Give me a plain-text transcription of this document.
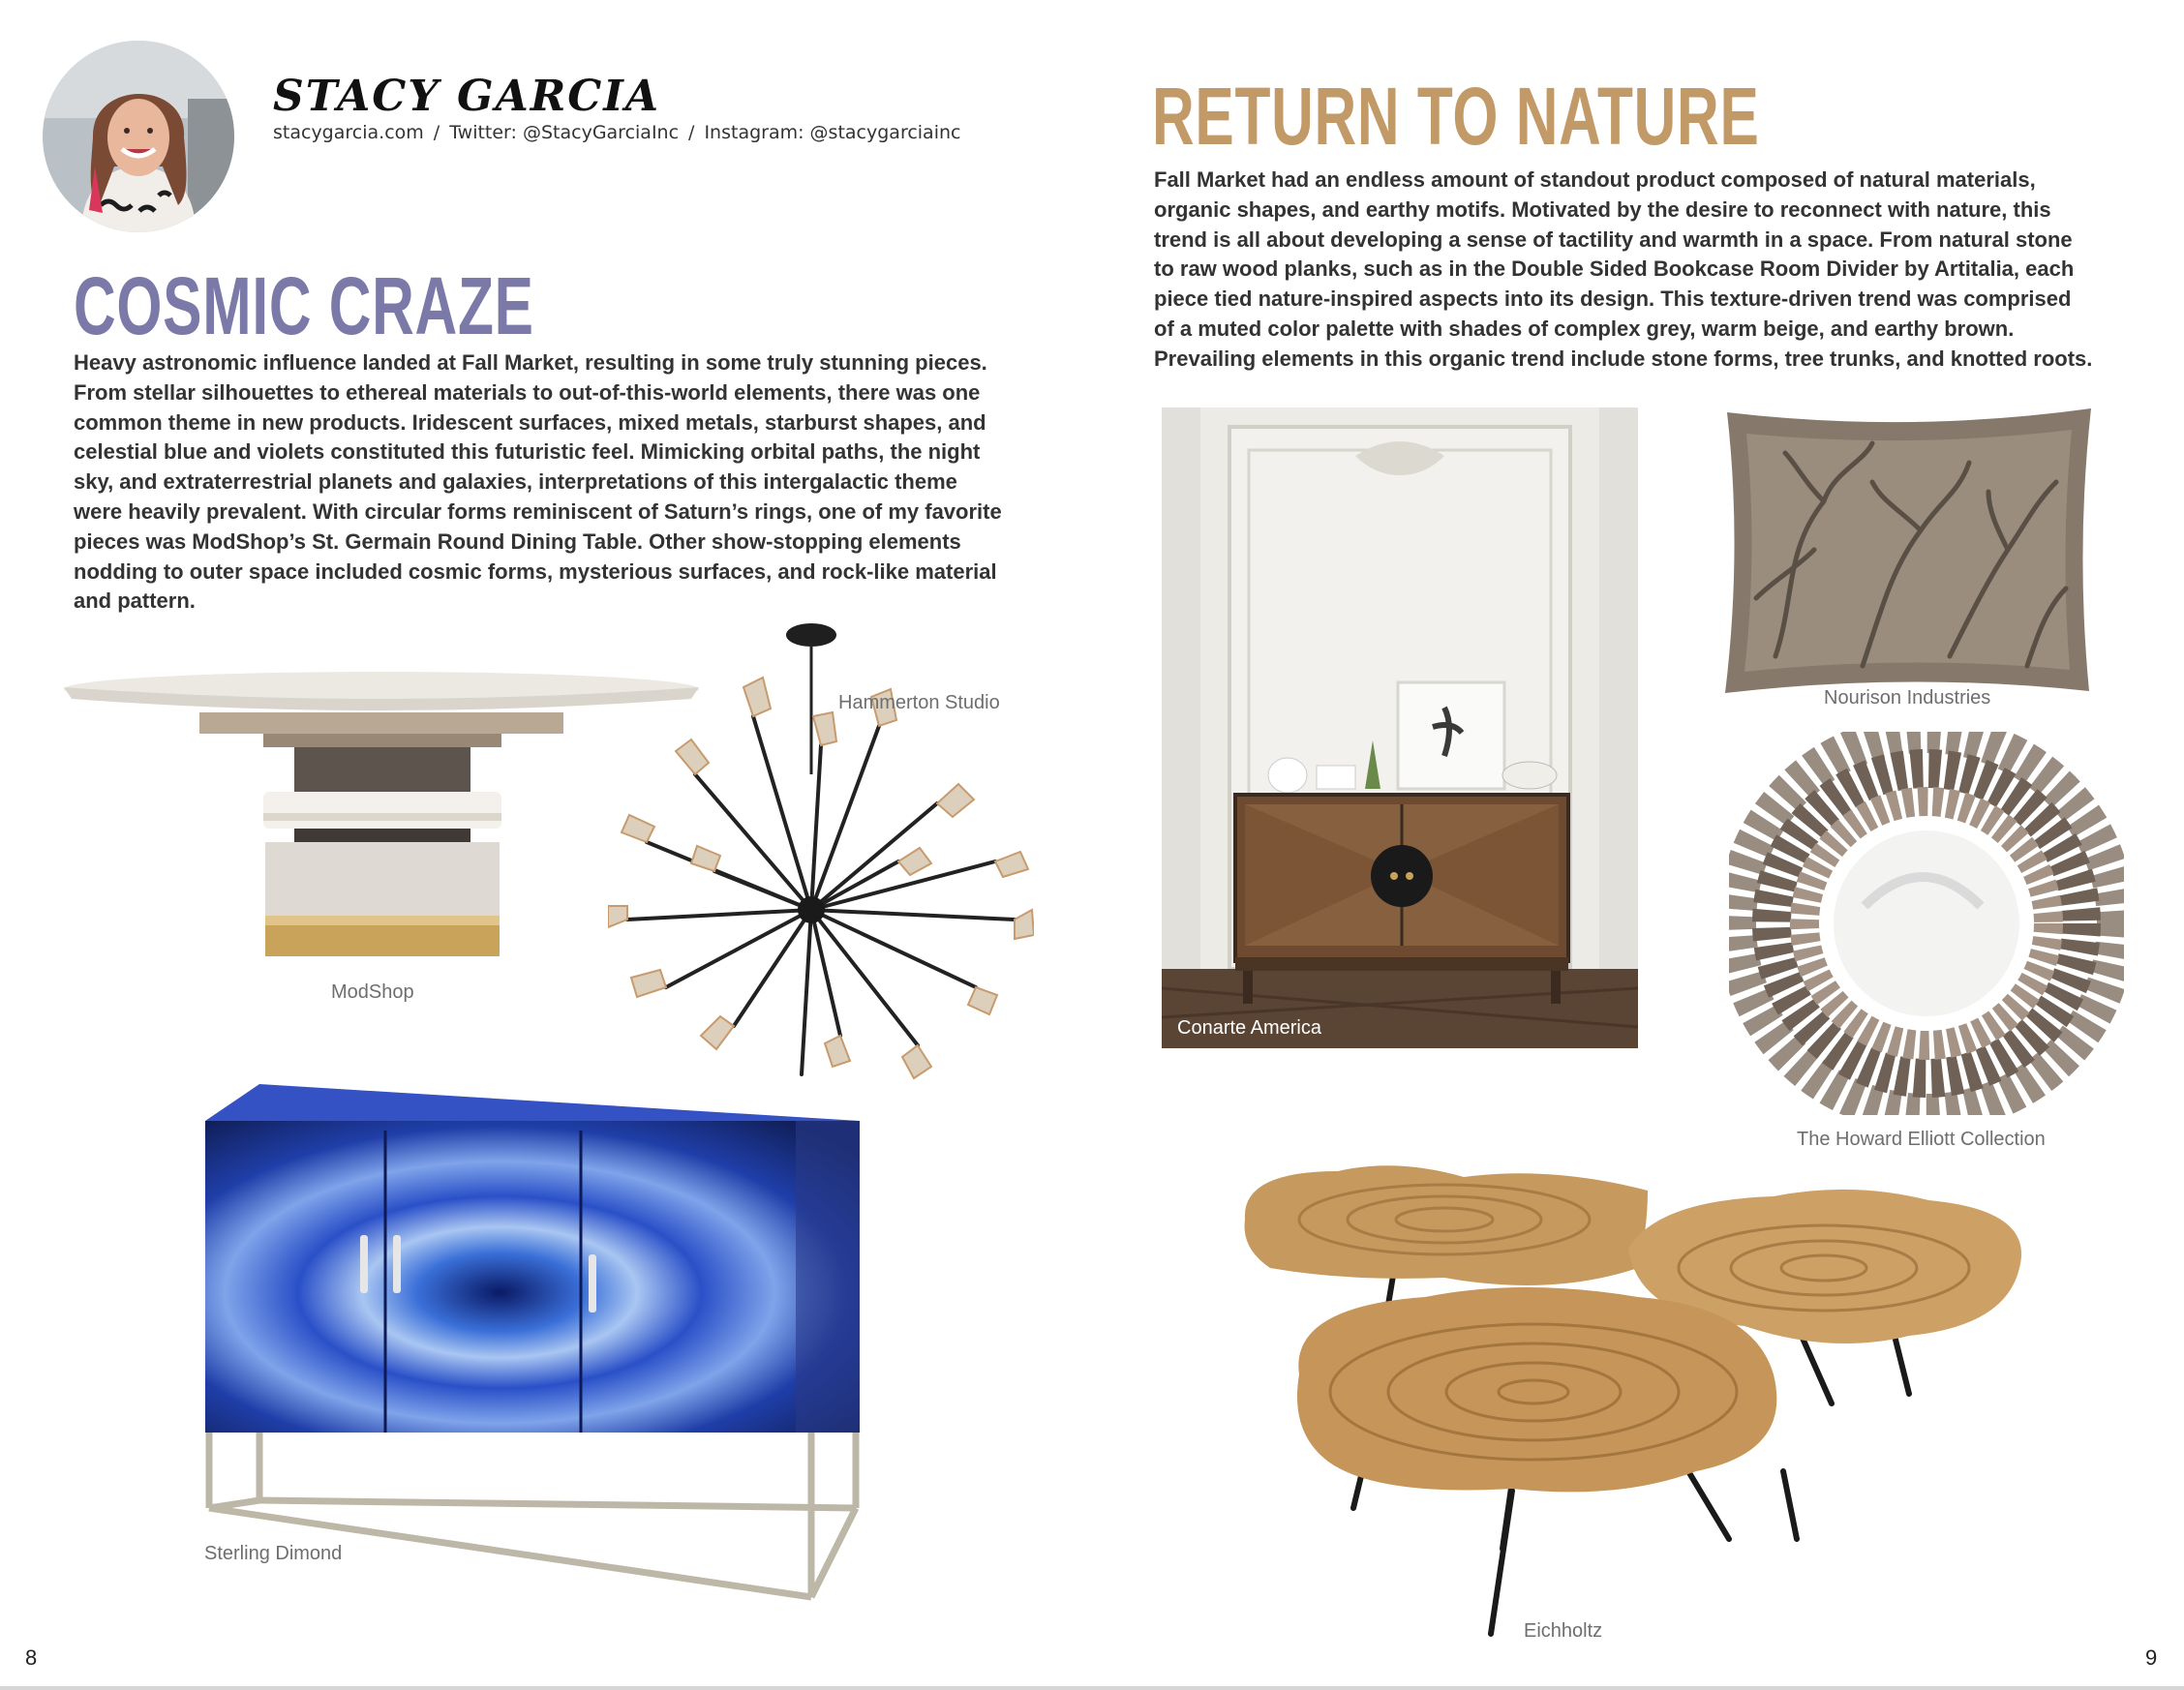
STACY GARCIA
stacygarcia.com / Twitter: @StacyGarciaInc / Instagram: @stacygarciainc
COSMIC CRAZE
Heavy astronomic influence landed at Fall Market, resulting in some truly stunning pieces.
From stellar silhouettes to ethereal materials to out-of-this-world elements, there was one
common theme in new products. Iridescent surfaces, mixed metals, starburst shapes, and
celestial blue and violets constituted this futuristic feel. Mimicking orbital paths, the night
sky, and extraterrestrial planets and galaxies, interpretations of this intergalactic theme
were heavily prevalent. With circular forms reminiscent of Saturn’s rings, one of my favorite
pieces was ModShop’s St. Germain Round Dining Table. Other show-stopping elements
nodding to outer space included cosmic forms, mysterious surfaces, and rock-like material
and pattern.
ModShop
Hammerton Studio
Sterling Dimond
8
RETURN TO NATURE
Fall Market had an endless amount of standout product composed of natural materials,
organic shapes, and earthy motifs. Motivated by the desire to reconnect with nature, this
trend is all about developing a sense of tactility and warmth in a space. From natural stone
to raw wood planks, such as in the Double Sided Bookcase Room Divider by Artitalia, each
piece tied nature-inspired aspects into its design. This texture-driven trend was comprised
of a muted color palette with shades of complex grey, warm beige, and earthy brown.
Prevailing elements in this organic trend include stone forms, tree trunks, and knotted roots.
Conarte America
Nourison Industries
The Howard Elliott Collection
Eichholtz
9
